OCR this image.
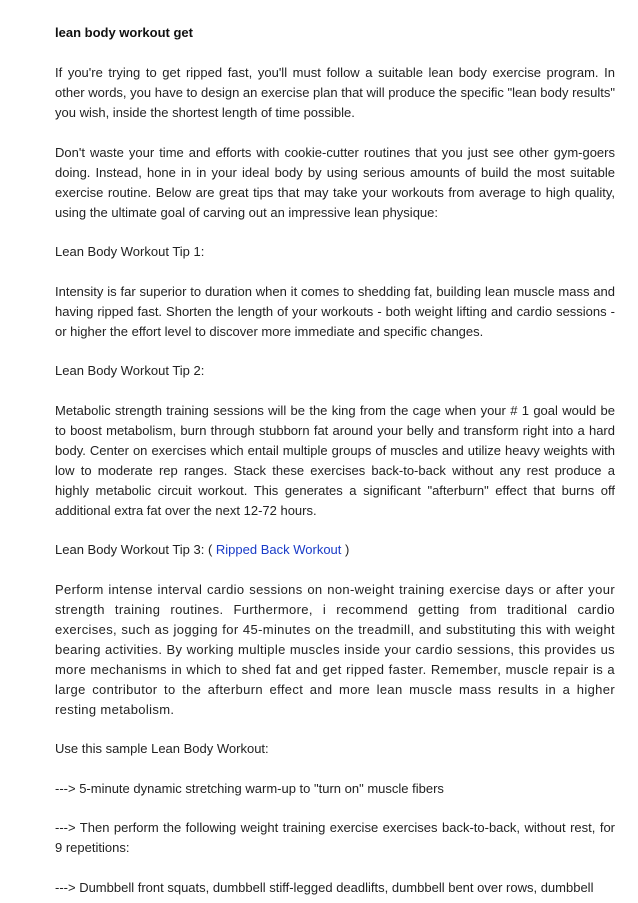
lean body workout get

If you're trying to get ripped fast, you'll must follow a suitable lean body exercise program. In other words, you have to design an exercise plan that will produce the specific "lean body results" you wish, inside the shortest length of time possible.

Don't waste your time and efforts with cookie-cutter routines that you just see other gym-goers doing. Instead, hone in in your ideal body by using serious amounts of build the most suitable exercise routine. Below are great tips that may take your workouts from average to high quality, using the ultimate goal of carving out an impressive lean physique:

Lean Body Workout Tip 1:

Intensity is far superior to duration when it comes to shedding fat, building lean muscle mass and having ripped fast. Shorten the length of your workouts - both weight lifting and cardio sessions - or higher the effort level to discover more immediate and specific changes.

Lean Body Workout Tip 2:

Metabolic strength training sessions will be the king from the cage when your # 1 goal would be to boost metabolism, burn through stubborn fat around your belly and transform right into a hard body. Center on exercises which entail multiple groups of muscles and utilize heavy weights with low to moderate rep ranges. Stack these exercises back-to-back without any rest produce a highly metabolic circuit workout. This generates a significant "afterburn" effect that burns off additional extra fat over the next 12-72 hours.

Lean Body Workout Tip 3: ( Ripped Back Workout )

Perform intense interval cardio sessions on non-weight training exercise days or after your strength training routines. Furthermore, i recommend getting from traditional cardio exercises, such as jogging for 45-minutes on the treadmill, and substituting this with weight bearing activities. By working multiple muscles inside your cardio sessions, this provides us more mechanisms in which to shed fat and get ripped faster. Remember, muscle repair is a large contributor to the afterburn effect and more lean muscle mass results in a higher resting metabolism.

Use this sample Lean Body Workout:

---> 5-minute dynamic stretching warm-up to "turn on" muscle fibers

---> Then perform the following weight training exercise exercises back-to-back, without rest, for 9 repetitions:

---> Dumbbell front squats, dumbbell stiff-legged deadlifts, dumbbell bent over rows, dumbbell
